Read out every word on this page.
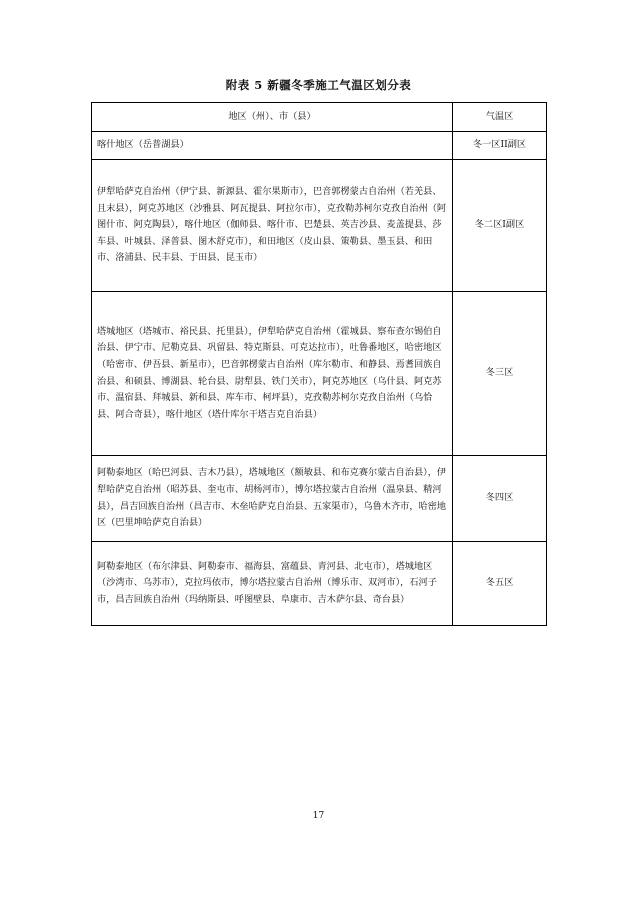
附表 5 新疆冬季施工气温区划分表
地区（州）、市（县）	气温区
喀什地区（岳普湖县）	冬一区II副区
伊犁哈萨克自治州（伊宁县、新源县、霍尔果斯市），巴音郭楞蒙古自治州（若羌县、且末县），阿克苏地区（沙雅县、阿瓦提县、阿拉尔市），克孜勒苏柯尔克孜自治州（阿图什市、阿克陶县），喀什地区（伽师县、喀什市、巴楚县、英吉沙县、麦盖提县、莎车县、叶城县、泽普县、图木舒克市），和田地区（皮山县、策勒县、墨玉县、和田市、洛浦县、民丰县、于田县、昆玉市）	冬二区I副区
塔城地区（塔城市、裕民县、托里县），伊犁哈萨克自治州（霍城县、察布查尔锡伯自治县、伊宁市、尼勒克县、巩留县、特克斯县、可克达拉市），吐鲁番地区，哈密地区（哈密市、伊吾县、新星市），巴音郭楞蒙古自治州（库尔勒市、和静县、焉耆回族自治县、和硕县、博湖县、轮台县、尉犁县、铁门关市），阿克苏地区（乌什县、阿克苏市、温宿县、拜城县、新和县、库车市、柯坪县），克孜勒苏柯尔克孜自治州（乌恰县、阿合奇县），喀什地区（塔什库尔干塔吉克自治县）	冬三区
阿勒泰地区（哈巴河县、吉木乃县），塔城地区（额敏县、和布克赛尔蒙古自治县），伊犁哈萨克自治州（昭苏县、奎屯市、胡杨河市），博尔塔拉蒙古自治州（温泉县、精河县），昌吉回族自治州（昌吉市、木垒哈萨克自治县、五家渠市），乌鲁木齐市，哈密地区（巴里坤哈萨克自治县）	冬四区
阿勒泰地区（布尔津县、阿勒泰市、福海县、富蕴县、青河县、北屯市），塔城地区（沙湾市、乌苏市），克拉玛依市，博尔塔拉蒙古自治州（博乐市、双河市），石河子市，昌吉回族自治州（玛纳斯县、呼图壁县、阜康市、吉木萨尔县、奇台县）	冬五区
17
